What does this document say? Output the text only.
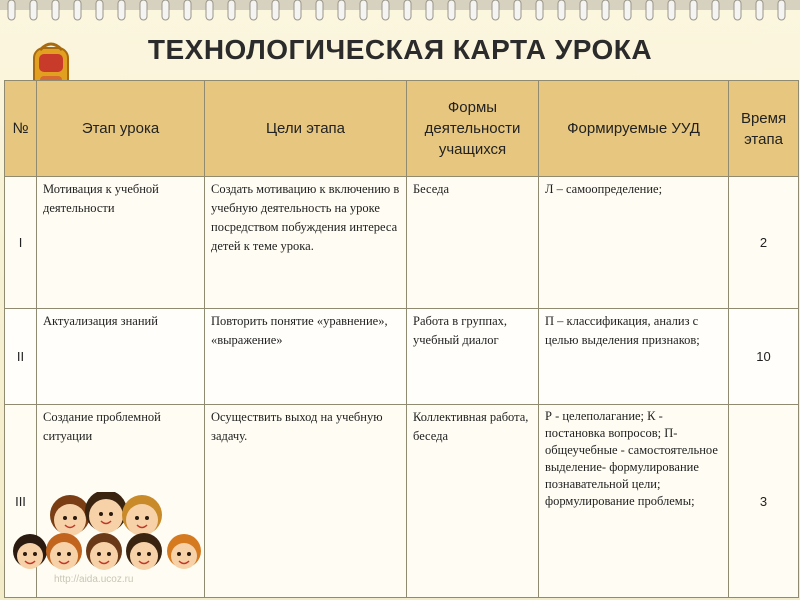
ТЕХНОЛОГИЧЕСКАЯ КАРТА УРОКА
№	Этап урока	Цели этапа	Формы деятельности учащихся	Формируемые УУД	Время этапа
I	Мотивация к учебной деятельности	Создать мотивацию к включению в учебную деятельность на уроке посредством побуждения интереса детей к теме урока.	Беседа	Л – самоопределение;	2
II	Актуализация знаний	Повторить понятие «уравнение», «выражение»	Работа в группах, учебный диалог	П – классификация, анализ с целью выделения признаков;	10
III	Создание проблемной ситуации	Осуществить выход на учебную задачу.	Коллективная работа, беседа	Р - целеполагание; К - постановка вопросов; П- общеучебные - самостоятельное выделение- формулирование познавательной цели; формулирование проблемы;	3
http://aida.ucoz.ru
